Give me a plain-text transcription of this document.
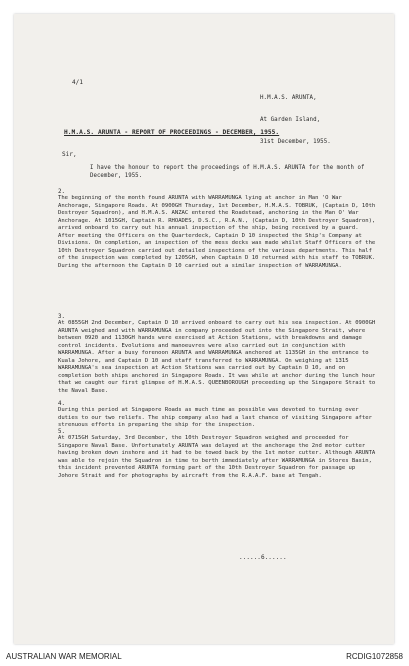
4/1

H.M.A.S. ARUNTA,

At Garden Island,

31st December, 1955.

H.M.A.S. ARUNTA - REPORT OF PROCEEDINGS - DECEMBER, 1955.
Sir,
I have the honour to report the proceedings of H.M.A.S. ARUNTA for the month of December, 1955.
2.
The beginning of the month found ARUNTA with WARRAMUNGA lying at anchor in Man 'O War Anchorage, Singapore Roads. At 0900GH Thursday, 1st December, H.M.A.S. TOBRUK, (Captain D, 10th Destroyer Squadron), and H.M.A.S. ANZAC entered the Roadstead, anchoring in the Man O' War Anchorage. At 1015GH, Captain R. RHOADES, D.S.C., R.A.N., (Captain D, 10th Destroyer Squadron), arrived onboard to carry out his annual inspection of the ship, being received by a guard. After meeting the Officers on the Quarterdeck, Captain D 10 inspected the Ship's Company at Divisions. On completion, an inspection of the mess decks was made whilst Staff Officers of the 10th Destroyer Squadron carried out detailed inspections of the various departments. This half of the inspection was completed by 1205GH, when Captain D 10 returned with his staff to TOBRUK. During the afternoon the Captain D 10 carried out a similar inspection of WARRAMUNGA.
3.
At 0855GH 2nd December, Captain D 10 arrived onboard to carry out his sea inspection. At 0900GH ARUNTA weighed and with WARRAMUNGA in company proceeded out into the Singapore Strait, where between 0920 and 1130GH hands were exercised at Action Stations, with breakdowns and damage control incidents. Evolutions and manoeuvres were also carried out in conjunction with WARRAMUNGA. After a busy forenoon ARUNTA and WARRAMUNGA anchored at 1135GH in the entrance to Kuala Johore, and Captain D 10 and staff transferred to WARRAMUNGA. On weighing at 1315 WARRAMUNGA's sea inspection at Action Stations was carried out by Captain D 10, and on completion both ships anchored in Singapore Roads. It was while at anchor during the lunch hour that we caught our first glimpse of H.M.A.S. QUEENBOROUGH proceeding up the Singapore Strait to the Naval Base.
4.
During this period at Singapore Roads as much time as possible was devoted to turning over duties to our two reliefs. The ship company also had a last chance of visiting Singapore after strenuous efforts in preparing the ship for the inspection.
5.
At 0715GH Saturday, 3rd December, the 10th Destroyer Squadron weighed and proceeded for Singapore Naval Base. Unfortunately ARUNTA was delayed at the anchorage the 2nd motor cutter having broken down inshore and it had to be towed back by the 1st motor cutter. Although ARUNTA was able to rejoin the Squadron in time to berth immediately after WARRAMUNGA in Stores Basin, this incident prevented ARUNTA forming part of the 10th Destroyer Squadron for passage up Johore Strait and for photographs by aircraft from the R.A.A.F. base at Tengah.
......6......
AUSTRALIAN WAR MEMORIAL	RCDIG1072858
